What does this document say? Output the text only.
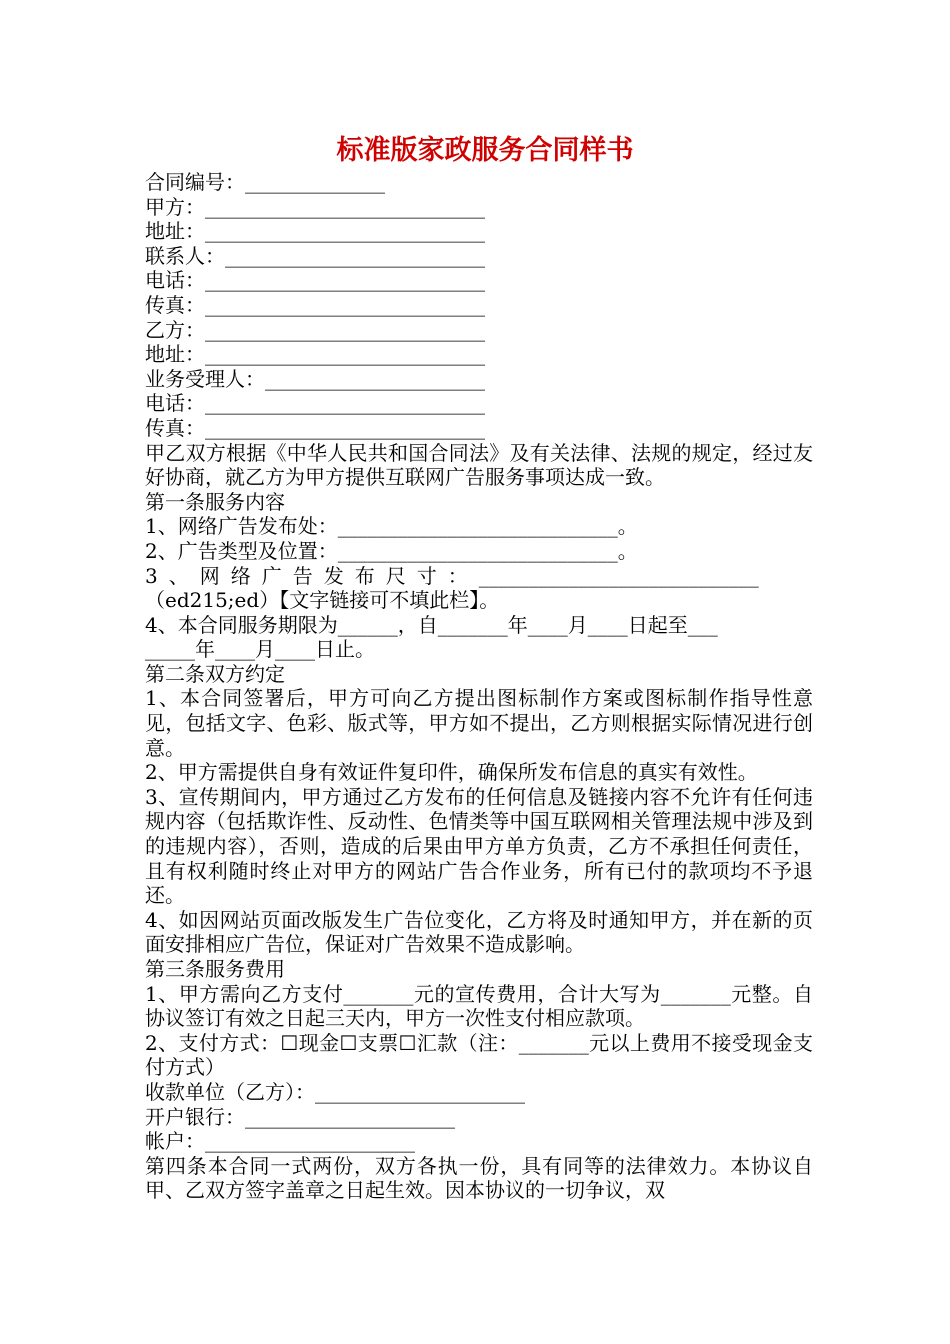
标准版家政服务合同样书
合同编号：______________
甲方：____________________________
地址：____________________________
联系人：__________________________
电话：____________________________
传真：____________________________
乙方：____________________________
地址：____________________________
业务受理人：______________________
电话：____________________________
传真：____________________________
甲乙双方根据《中华人民共和国合同法》及有关法律、法规的规定，经过友好协商，就乙方为甲方提供互联网广告服务事项达成一致。
第一条服务内容
1、网络广告发布处：____________________________。
2、广告类型及位置：____________________________。
3、网络广告发布尺寸：____________________________
（ed215;ed）【文字链接可不填此栏】。
4、本合同服务期限为______，自_______年____月____日起至___
_____年____月____日止。
第二条双方约定
1、本合同签署后，甲方可向乙方提出图标制作方案或图标制作指导性意见，包括文字、色彩、版式等，甲方如不提出，乙方则根据实际情况进行创意。
2、甲方需提供自身有效证件复印件，确保所发布信息的真实有效性。
3、宣传期间内，甲方通过乙方发布的任何信息及链接内容不允许有任何违规内容（包括欺诈性、反动性、色情类等中国互联网相关管理法规中涉及到的违规内容），否则，造成的后果由甲方单方负责，乙方不承担任何责任，且有权利随时终止对甲方的网站广告合作业务，所有已付的款项均不予退还。
4、如因网站页面改版发生广告位变化，乙方将及时通知甲方，并在新的页面安排相应广告位，保证对广告效果不造成影响。
第三条服务费用
1、甲方需向乙方支付_______元的宣传费用，合计大写为_______元整。自协议签订有效之日起三天内，甲方一次性支付相应款项。
2、支付方式：☐现金☐支票☐汇款（注：_______元以上费用不接受现金支付方式）
收款单位（乙方）：_____________________
开户银行：_____________________
帐户：_____________________
第四条本合同一式两份，双方各执一份，具有同等的法律效力。本协议自甲、乙双方签字盖章之日起生效。因本协议的一切争议，双
